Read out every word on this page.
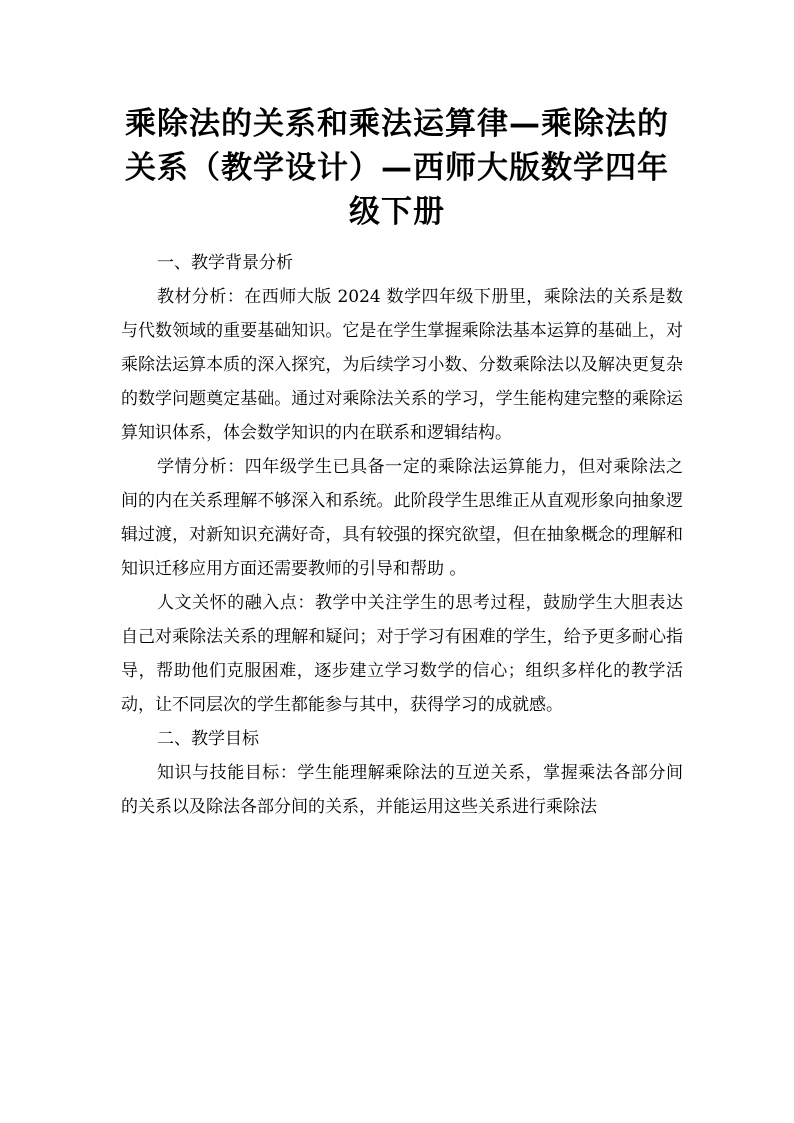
乘除法的关系和乘法运算律—乘除法的
关系（教学设计）—西师大版数学四年
级下册

一、教学背景分析

教材分析：在西师大版 2024 数学四年级下册里，乘除法的关系是数与代数领域的重要基础知识。它是在学生掌握乘除法基本运算的基础上，对乘除法运算本质的深入探究，为后续学习小数、分数乘除法以及解决更复杂的数学问题奠定基础。通过对乘除法关系的学习，学生能构建完整的乘除运算知识体系，体会数学知识的内在联系和逻辑结构。

学情分析：四年级学生已具备一定的乘除法运算能力，但对乘除法之间的内在关系理解不够深入和系统。此阶段学生思维正从直观形象向抽象逻辑过渡，对新知识充满好奇，具有较强的探究欲望，但在抽象概念的理解和知识迁移应用方面还需要教师的引导和帮助 。

人文关怀的融入点：教学中关注学生的思考过程，鼓励学生大胆表达自己对乘除法关系的理解和疑问；对于学习有困难的学生，给予更多耐心指导，帮助他们克服困难，逐步建立学习数学的信心；组织多样化的教学活动，让不同层次的学生都能参与其中，获得学习的成就感。

二、教学目标

知识与技能目标：学生能理解乘除法的互逆关系，掌握乘法各部分间的关系以及除法各部分间的关系，并能运用这些关系进行乘除法
